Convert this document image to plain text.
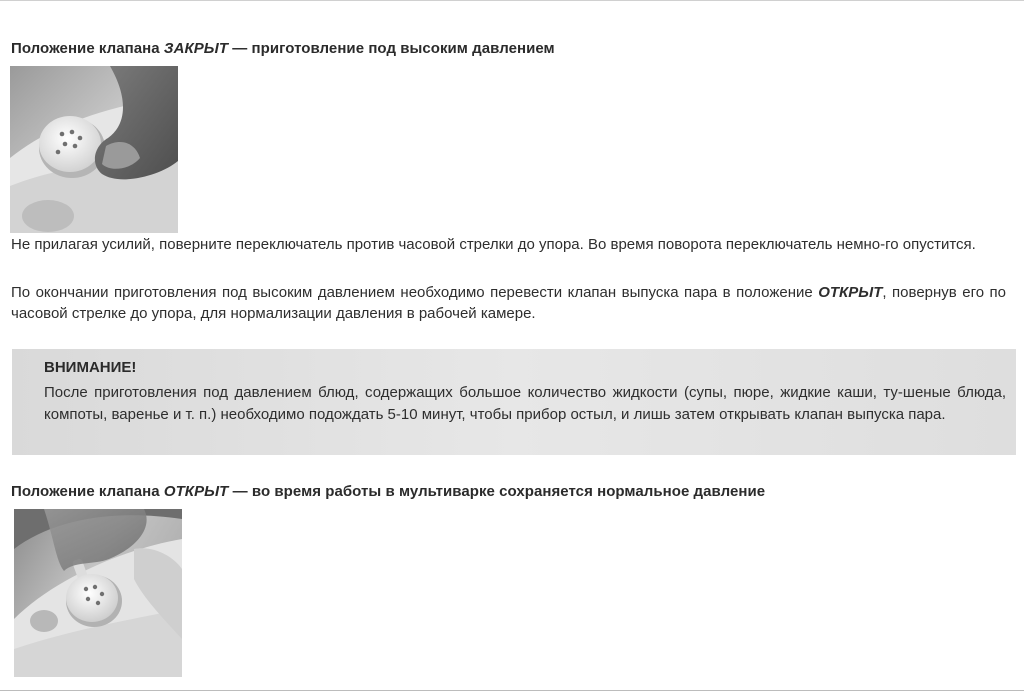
Положение клапана ЗАКРЫТ — приготовление под высоким давлением
Не прилагая усилий, поверните переключатель против часовой стрелки до упора. Во время поворота переключатель немно-го опустится.
По окончании приготовления под высоким давлением необходимо перевести клапан выпуска пара в положение ОТКРЫТ, повернув его по часовой стрелке до упора, для нормализации давления в рабочей камере.
ВНИМАНИЕ!
После приготовления под давлением блюд, содержащих большое количество жидкости (супы, пюре, жидкие каши, ту-шеные блюда, компоты, варенье и т. п.) необходимо подождать 5-10 минут, чтобы прибор остыл, и лишь затем открывать клапан выпуска пара.
Положение клапана ОТКРЫТ — во время работы в мультиварке сохраняется нормальное давление
